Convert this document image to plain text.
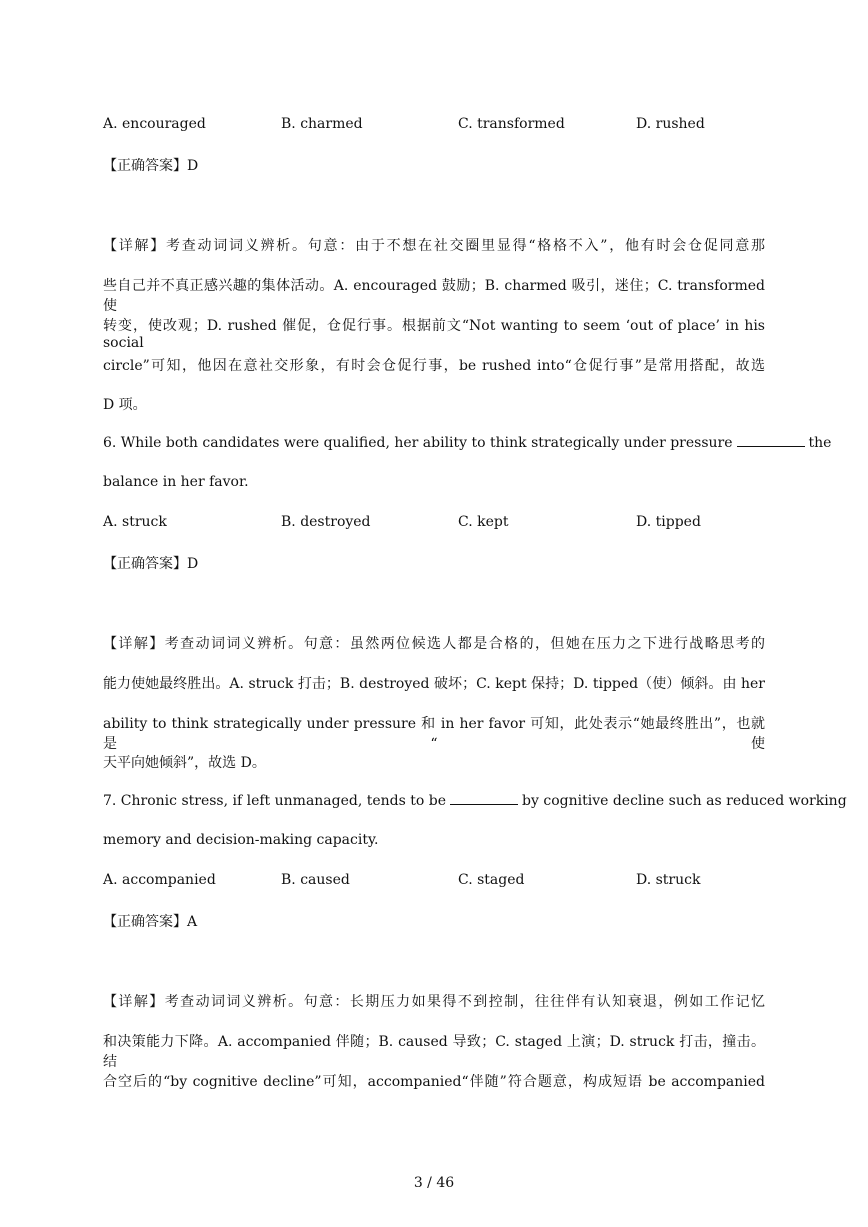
A. encouraged	B. charmed	C. transformed	D. rushed
【正确答案】D
【详解】考查动词词义辨析。句意：由于不想在社交圈里显得“格格不入”，他有时会仓促同意那
些自己并不真正感兴趣的集体活动。A. encouraged 鼓励；B. charmed 吸引，迷住；C. transformed 使
转变，使改观；D. rushed 催促，仓促行事。根据前文“Not wanting to seem ‘out of place’ in his social
circle”可知，他因在意社交形象，有时会仓促行事，be rushed into“仓促行事”是常用搭配，故选
D 项。
6. While both candidates were qualified, her ability to think strategically under pressure	the
balance in her favor.
A. struck	B. destroyed	C. kept	D. tipped
【正确答案】D
【详解】考查动词词义辨析。句意：虽然两位候选人都是合格的，但她在压力之下进行战略思考的
能力使她最终胜出。A. struck 打击；B. destroyed 破坏；C. kept 保持；D. tipped（使）倾斜。由 her
ability to think strategically under pressure 和 in her favor 可知，此处表示“她最终胜出”，也就是“使
天平向她倾斜”，故选 D。
7. Chronic stress, if left unmanaged, tends to be	by cognitive decline such as reduced working
memory and decision-making capacity.
A. accompanied	B. caused	C. staged	D. struck
【正确答案】A
【详解】考查动词词义辨析。句意：长期压力如果得不到控制，往往伴有认知衰退，例如工作记忆
和决策能力下降。A. accompanied 伴随；B. caused 导致；C. staged 上演；D. struck 打击，撞击。结
合空后的“by cognitive decline”可知，accompanied“伴随”符合题意，构成短语 be accompanied
3 / 46
